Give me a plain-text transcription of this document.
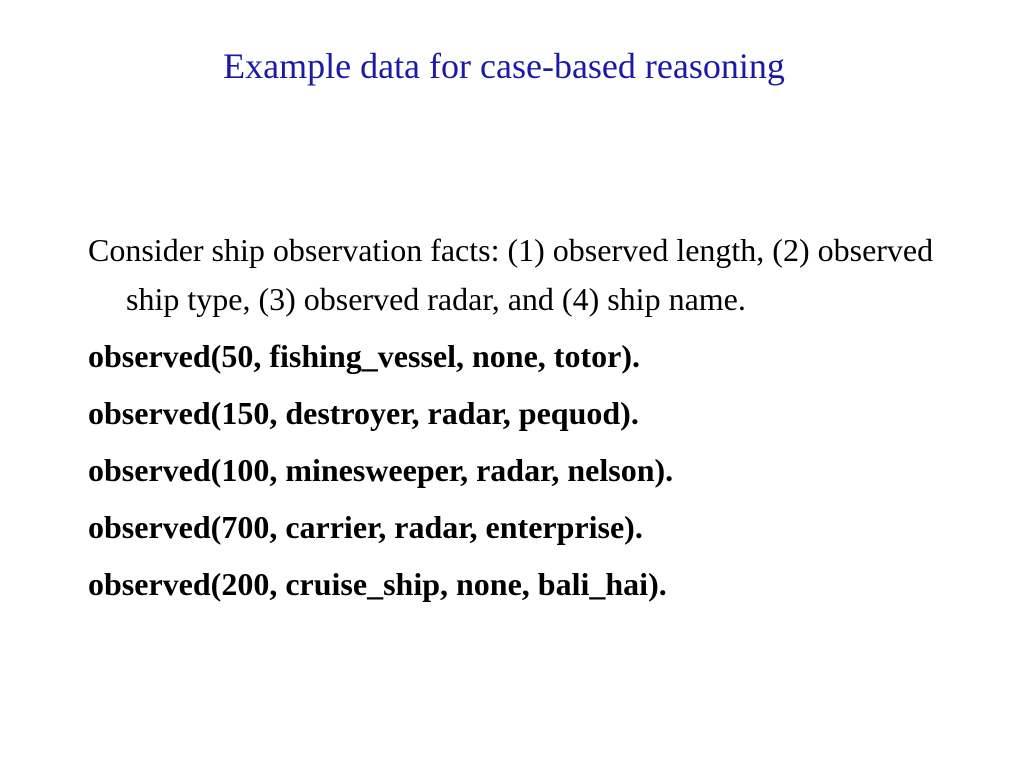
Example data for case-based reasoning

Consider ship observation facts: (1) observed length, (2) observed ship type, (3) observed radar, and (4) ship name.

observed(50, fishing_vessel, none, totor).

observed(150, destroyer, radar, pequod).

observed(100, minesweeper, radar, nelson).

observed(700, carrier, radar, enterprise).

observed(200, cruise_ship, none, bali_hai).
